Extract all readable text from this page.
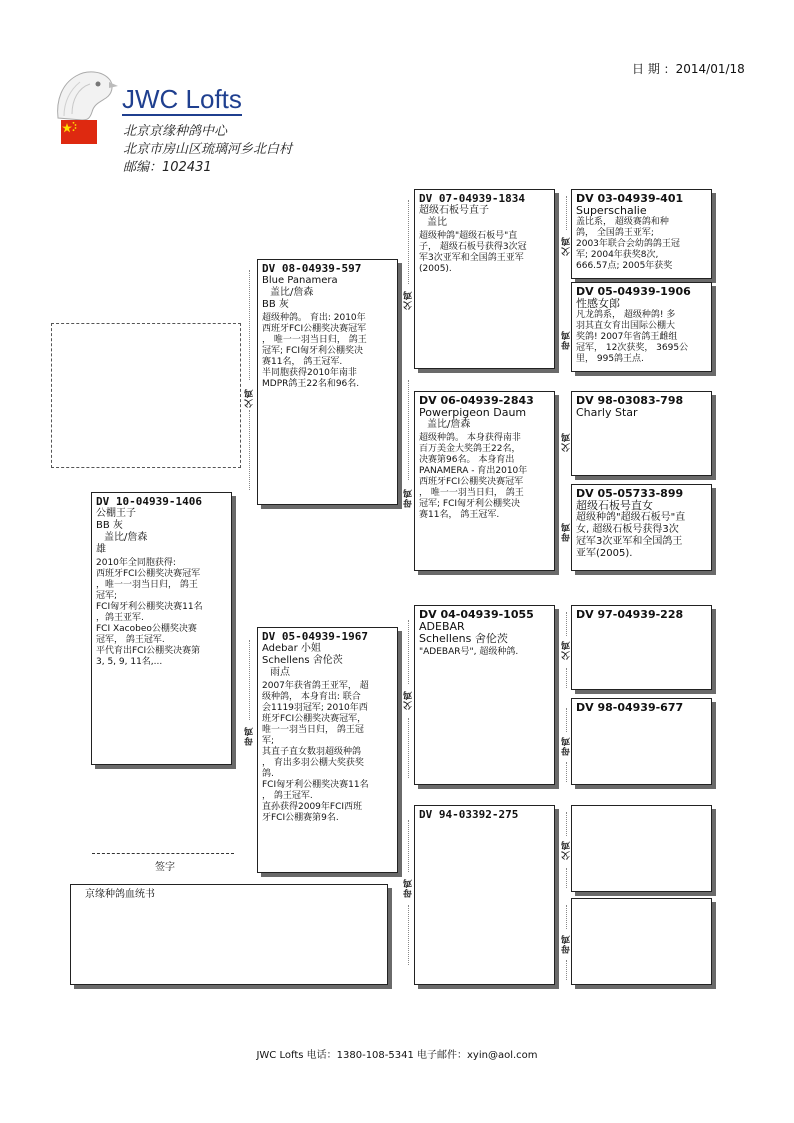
日 期 ：2014/01/18
JWC Lofts
北京京缘种鸽中心
北京市房山区琉璃河乡北白村
邮编：102431
DV 10-04939-1406
公棚王子
BB 灰
盖比/詹森
雄
2010年全同胞获得:
西班牙FCI公棚奖决赛冠军
，唯一一羽当日归， 鸽王
冠军;
FCI匈牙利公棚奖决赛11名
，鸽王亚军.
FCI Xacobeo公棚奖决赛
冠军， 鸽王冠军.
平代育出FCI公棚奖决赛第
3, 5, 9, 11名,...
DV 08-04939-597
Blue Panamera
盖比/詹森
BB 灰
超级种鸽。 育出: 2010年
西班牙FCI公棚奖决赛冠军
， 唯一一羽当日归， 鸽王
冠军; FCI匈牙利公棚奖决
赛11名， 鸽王冠军.
半同胞获得2010年南非
MDPR鸽王22名和96名.
父鸡
DV 05-04939-1967
Adebar 小姐
Schellens 舍伦茨
雨点
2007年获省鸽王亚军， 超
级种鸽， 本身育出: 联合
会1119羽冠军; 2010年西
班牙FCI公棚奖决赛冠军，
唯一一羽当日归， 鸽王冠
军;
其直子直女数羽超级种鸽
， 育出多羽公棚大奖获奖
鸽.
FCI匈牙利公棚奖决赛11名
， 鸽王冠军.
直孙获得2009年FCI西班
牙FCI公棚赛第9名.
母鸡
DV 07-04939-1834
超级石板号直子
盖比
超级种鸽"超级石板号"直
子， 超级石板号获得3次冠
军3次亚军和全国鸽王亚军
(2005).
父鸡
DV 06-04939-2843
Powerpigeon Daum
盖比/詹森
超级种鸽。 本身获得南非
百万美金大奖鸽王22名，
决赛第96名。 本身育出
PANAMERA - 育出2010年
西班牙FCI公棚奖决赛冠军
， 唯一一羽当日归， 鸽王
冠军; FCI匈牙利公棚奖决
赛11名， 鸽王冠军.
母鸡
DV 04-04939-1055
ADEBAR
Schellens 舍伦茨
"ADEBAR号", 超级种鸽.
父鸡
DV 94-03392-275
母鸡
DV 03-04939-401
Superschalie
盖比系， 超级赛鸽和种
鸽， 全国鸽王亚军;
2003年联合会幼鸽鸽王冠
军; 2004年获奖8次,
666.57点; 2005年获奖
父鸡
DV 05-04939-1906
性感女郎
凡龙鸽系， 超级种鸽! 多
羽其直女育出国际公棚大
奖鸽! 2007年省鸽王雌组
冠军， 12次获奖， 3695公
里， 995鸽王点.
母鸡
DV 98-03083-798
Charly Star
父鸡
DV 05-05733-899
超级石板号直女
超级种鸽"超级石板号"直
女, 超级石板号获得3次
冠军3次亚军和全国鸽王
亚军(2005).
母鸡
DV 97-04939-228
父鸡
DV 98-04939-677
母鸡
父鸡
母鸡
签字
京缘种鸽血统书
JWC Lofts 电话：1380-108-5341 电子邮件：xyin@aol.com
